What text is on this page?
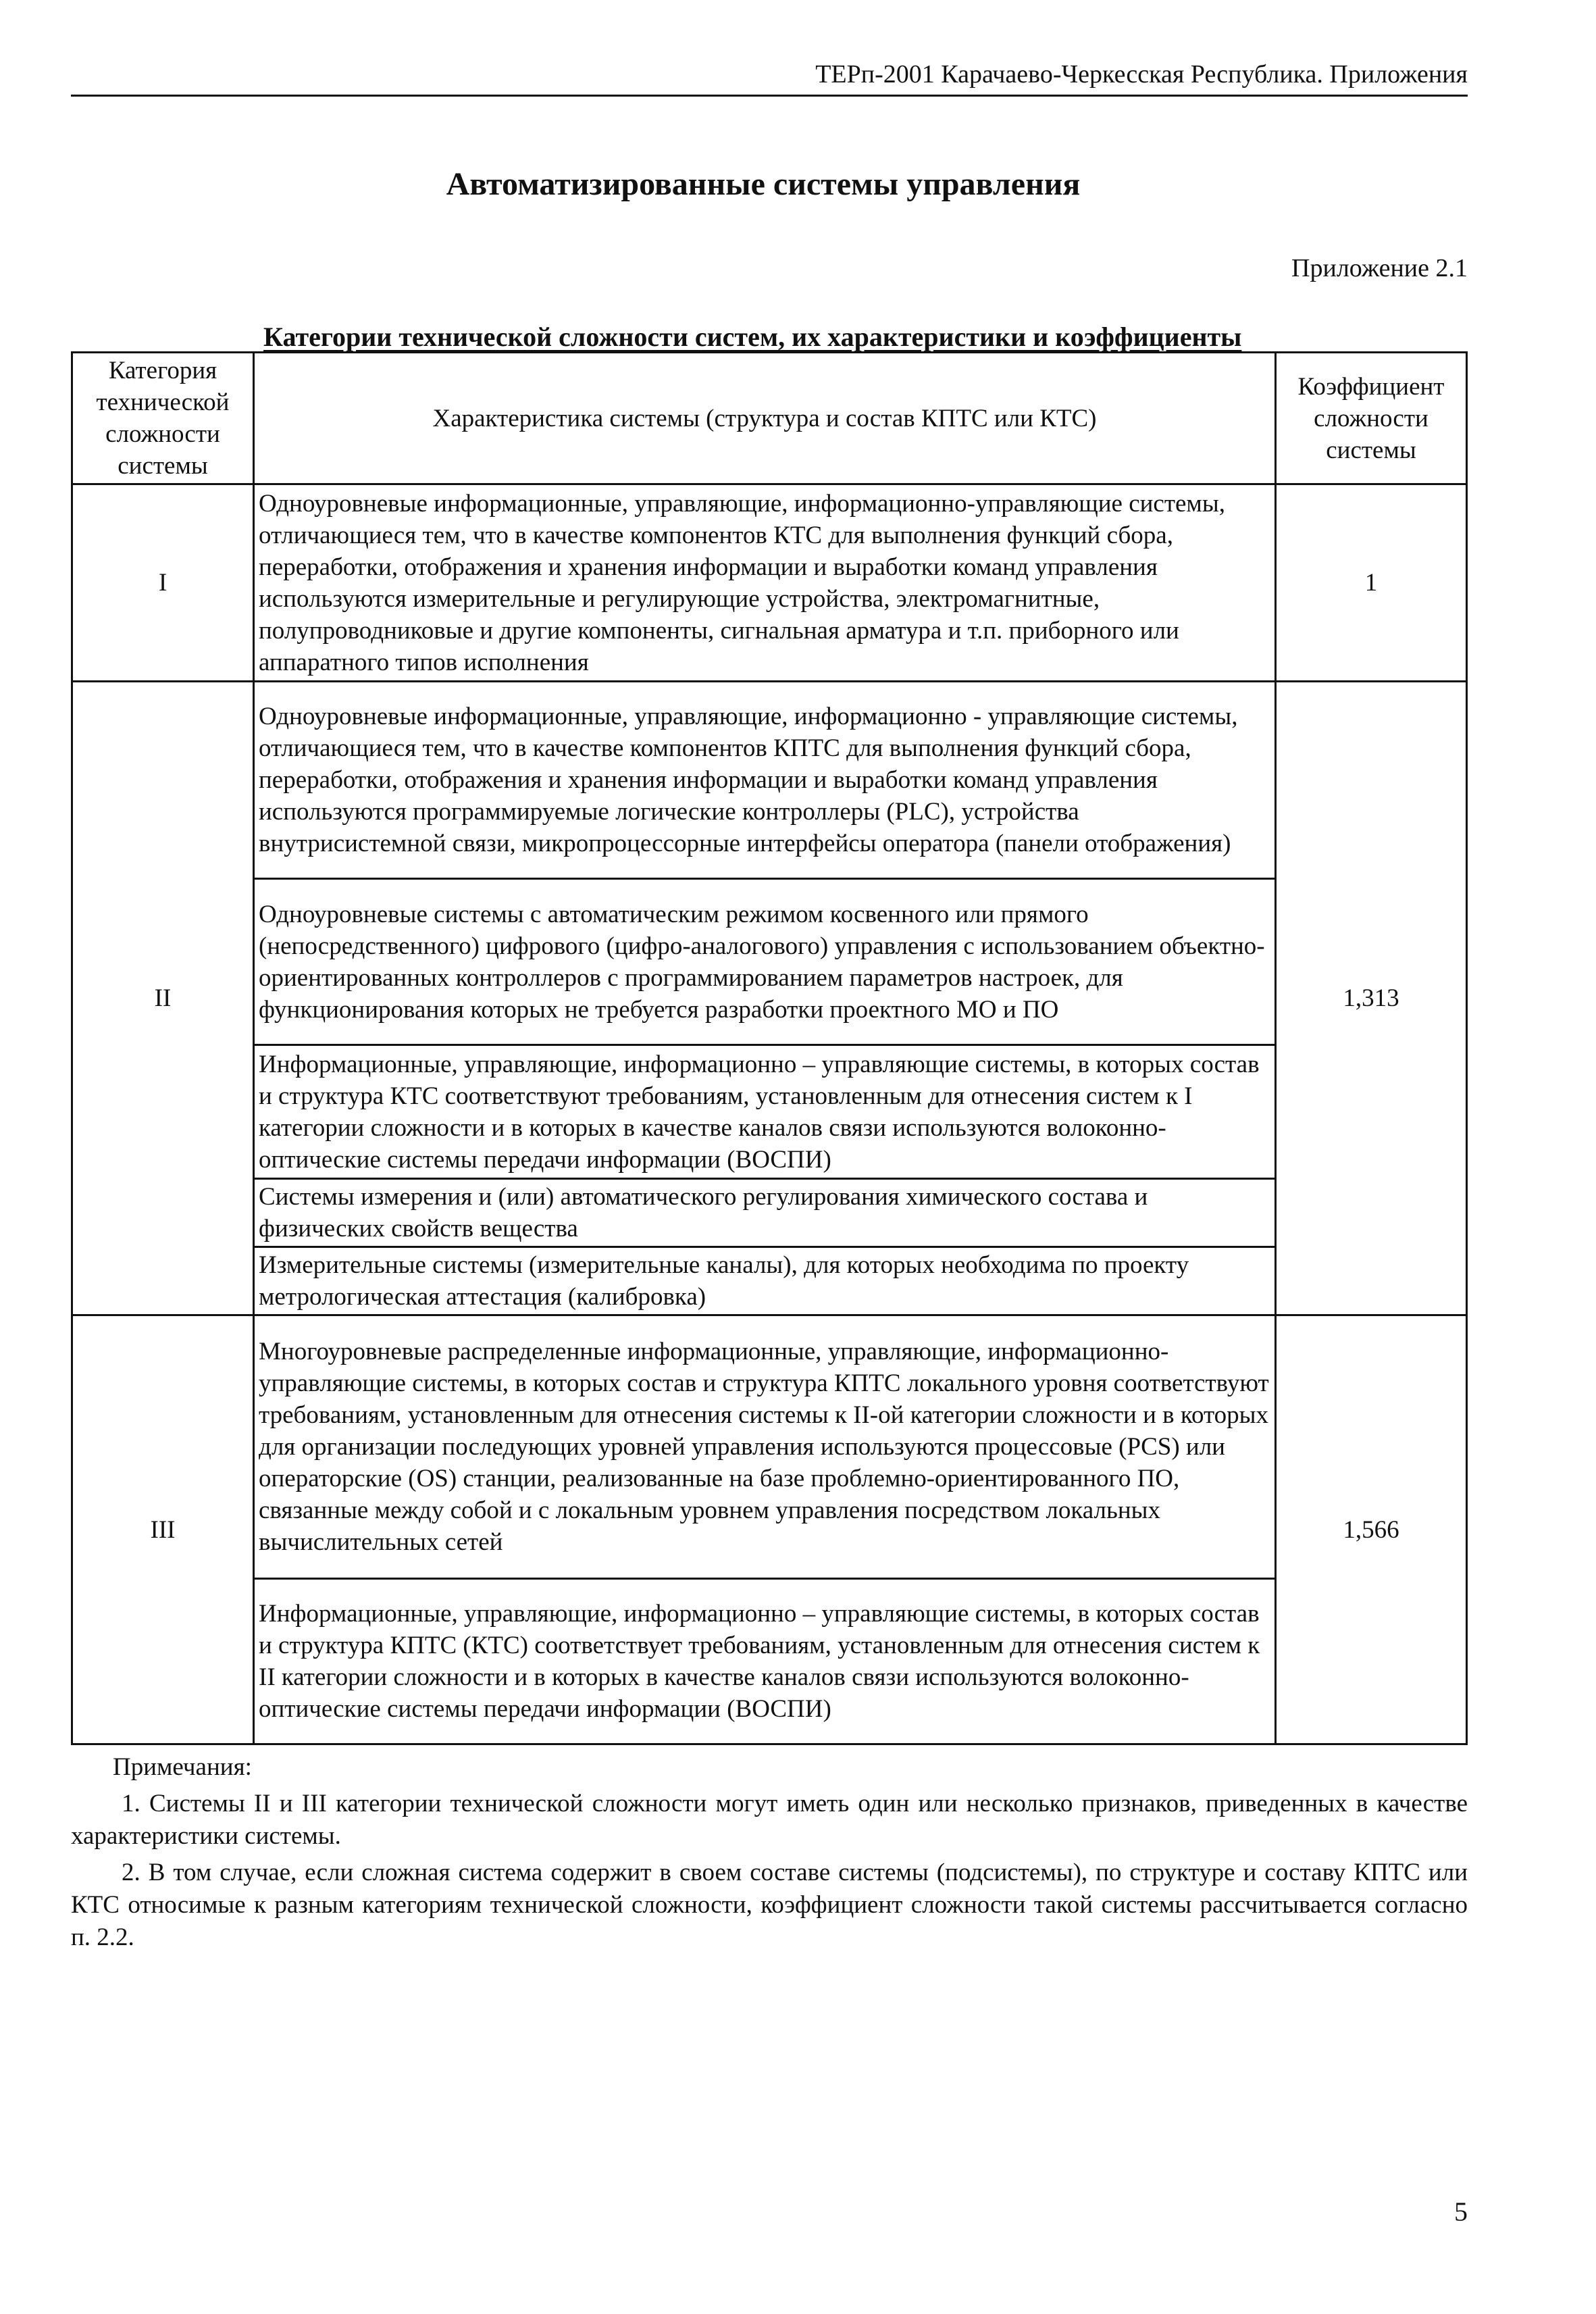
ТЕРп-2001 Карачаево-Черкесская Республика. Приложения
Автоматизированные системы управления
Приложение 2.1
Категории технической сложности систем, их характеристики и коэффициенты
Категория технической сложности системы	Характеристика системы (структура и состав КПТС или КТС)	Коэффициент сложности системы
I	Одноуровневые информационные, управляющие, информационно-управляющие системы, отличающиеся тем, что в качестве компонентов КТС для выполнения функций сбора, переработки, отображения и хранения информации и выработки команд управления используются измерительные и регулирующие устройства, электромагнитные, полупроводниковые и другие компоненты, сигнальная арматура и т.п. приборного или аппаратного типов исполнения	1
II	Одноуровневые информационные, управляющие, информационно - управляющие системы, отличающиеся тем, что в качестве компонентов КПТС для выполнения функций сбора, переработки, отображения и хранения информации и выработки команд управления используются программируемые логические контроллеры (PLC), устройства внутрисистемной связи, микропроцессорные интерфейсы оператора (панели отображения)	1,313
	Одноуровневые системы с автоматическим режимом косвенного или прямого (непосредственного) цифрового (цифро-аналогового) управления с использованием объектно-ориентированных контроллеров с программированием параметров настроек, для функционирования которых не требуется разработки проектного МО и ПО	
	Информационные, управляющие, информационно – управляющие системы, в которых состав и структура КТС соответствуют требованиям, установленным для отнесения систем к I категории сложности и в которых в качестве каналов связи используются волоконно-оптические системы передачи информации (ВОСПИ)	
	Системы измерения и (или) автоматического регулирования химического состава и физических свойств вещества	
	Измерительные системы (измерительные каналы), для которых необходима по проекту метрологическая аттестация (калибровка)	
III	Многоуровневые распределенные информационные, управляющие, информационно-управляющие системы, в которых состав и структура КПТС локального уровня соответствуют требованиям, установленным для отнесения системы к II-ой категории сложности и в которых для организации последующих уровней управления используются процессовые (PCS) или операторские (OS) станции, реализованные на базе проблемно-ориентированного ПО, связанные между собой и с локальным уровнем управления посредством локальных вычислительных сетей	1,566
	Информационные, управляющие, информационно – управляющие системы, в которых состав и структура КПТС (КТС) соответствует требованиям, установленным для отнесения систем к II категории сложности и в которых в качестве каналов связи используются волоконно-оптические системы передачи информации (ВОСПИ)	

Примечания:

1. Системы II и III категории технической сложности могут иметь один или несколько признаков, приведенных в качестве характеристики системы.

2. В том случае, если сложная система содержит в своем составе системы (подсистемы), по структуре и составу КПТС или КТС относимые к разным категориям технической сложности, коэффициент сложности такой системы рассчитывается согласно п. 2.2.

5
